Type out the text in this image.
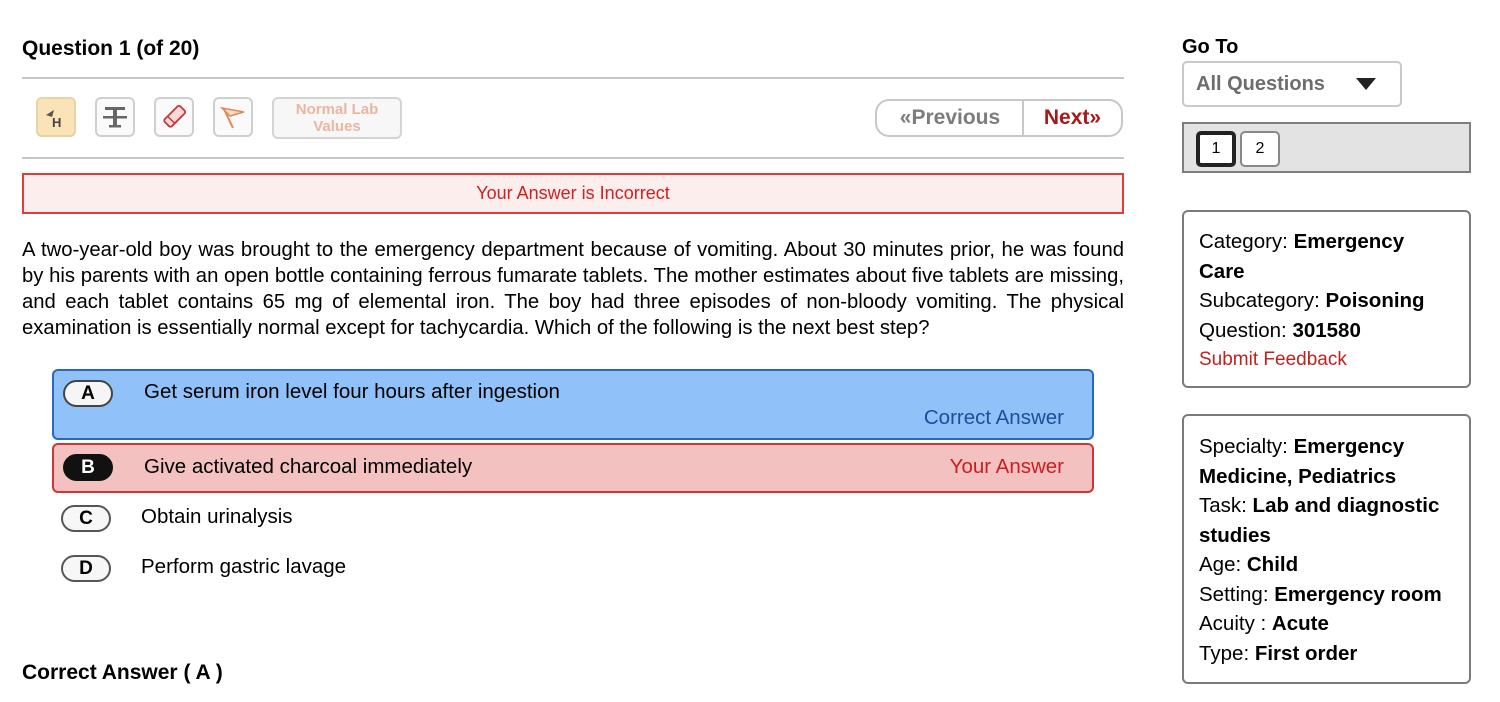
Question 1 (of 20)
H
Normal Lab Values	«Previous	Next»
Your Answer is Incorrect

A two-year-old boy was brought to the emergency department because of vomiting. About 30 minutes prior, he was found by his parents with an open bottle containing ferrous fumarate tablets. The mother estimates about five tablets are missing, and each tablet contains 65 mg of elemental iron. The boy had three episodes of non-bloody vomiting. The physical examination is essentially normal except for tachycardia. Which of the following is the next best step?

A	Get serum iron level four hours after ingestion
Correct Answer
B	Give activated charcoal immediately	Your Answer
C	Obtain urinalysis
D	Perform gastric lavage
Correct Answer ( A )
Go To
All Questions
1	2
Category: Emergency Care
Subcategory: Poisoning
Question: 301580
Submit Feedback
Specialty: Emergency Medicine, Pediatrics
Task: Lab and diagnostic studies
Age: Child
Setting: Emergency room
Acuity : Acute
Type: First order
